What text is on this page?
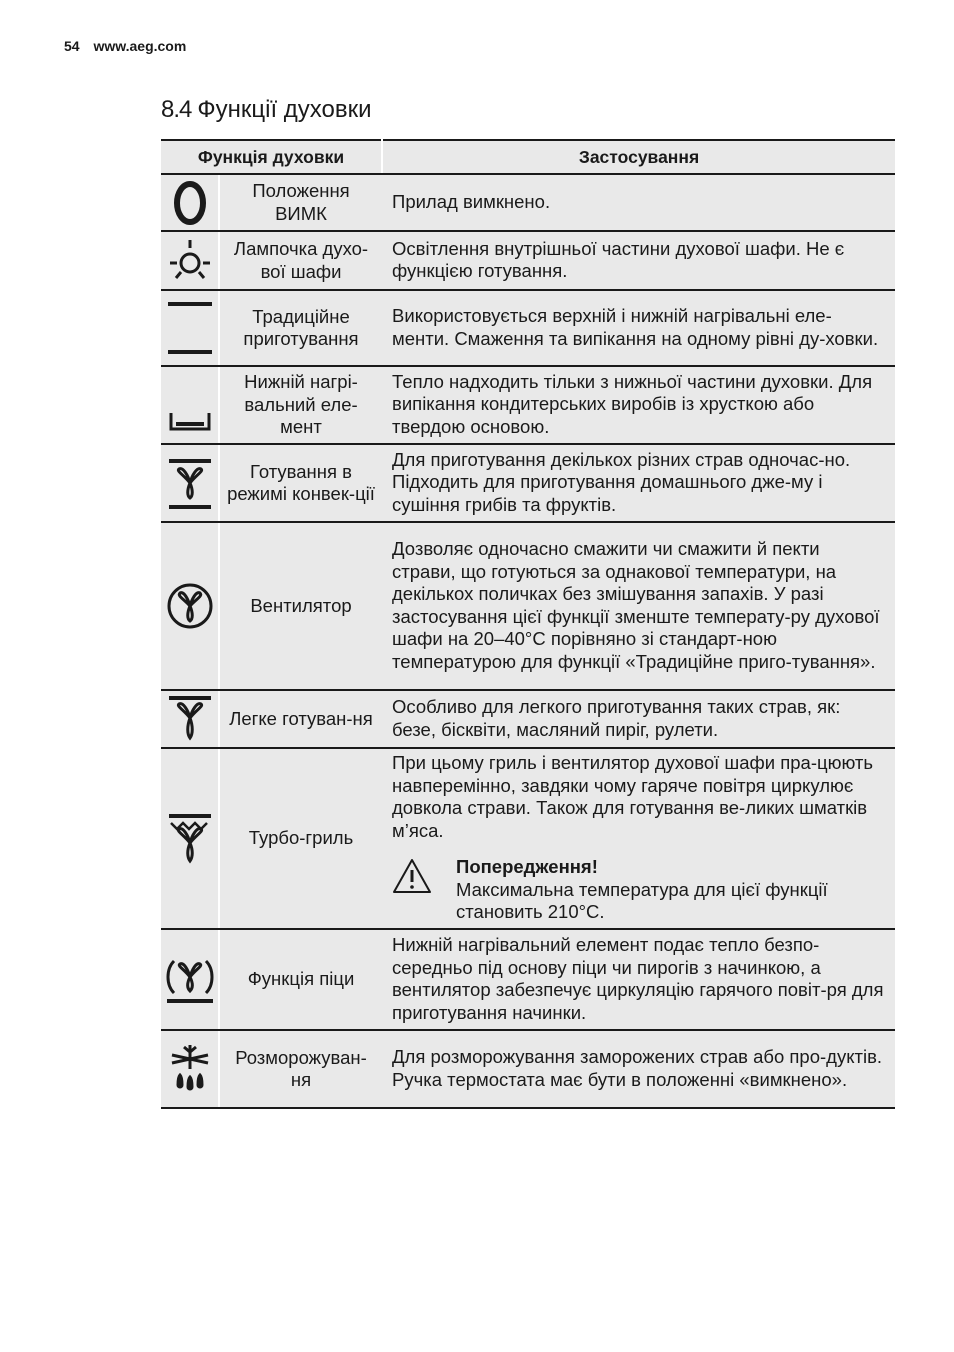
54 www.aeg.com
8.4 Функції духовки
Функція духовки		Застосування

	Положення ВИМК	Прилад вимкнено.

	Лампочка духо-вої шафи	Освітлення внутрішньої частини духової шафи. Не є функцією готування.

	Традиційне приготування	Використовується верхній і нижній нагрівальні еле-менти. Смаження та випікання на одному рівні ду-ховки.

	Нижній нагрі-вальний еле-мент	Тепло надходить тільки з нижньої частини духовки. Для випікання кондитерських виробів із хрусткою або твердою основою.

	Готування в режимі конвек-ції	Для приготування декількох різних страв одночас-но. Підходить для приготування домашнього дже-му і сушіння грибів та фруктів.

	Вентилятор	Дозволяє одночасно смажити чи смажити й пекти страви, що готуються за однакової температури, на декількох поличках без змішування запахів. У разі застосування цієї функції зменште температу-ру духової шафи на 20–40°C порівняно зі стандарт-ною температурою для функції «Традиційне приго-тування».

	Легке готуван-ня	Особливо для легкого приготування таких страв, як: безе, бісквіти, масляний пиріг, рулети.

	Турбо-гриль	При цьому гриль і вентилятор духової шафи пра-цюють навперемінно, завдяки чому гаряче повітря циркулює довкола страви. Також для готування ве-ликих шматків м’яса.
Попередження!
Максимальна температура для цієї функції становить 210°C.

	Функція піци	Нижній нагрівальний елемент подає тепло безпо-середньо під основу піци чи пирогів з начинкою, а вентилятор забезпечує циркуляцію гарячого повіт-ря для приготування начинки.

	Розморожуван-ня	Для розморожування заморожених страв або про-дуктів. Ручка термостата має бути в положенні «вимкнено».
